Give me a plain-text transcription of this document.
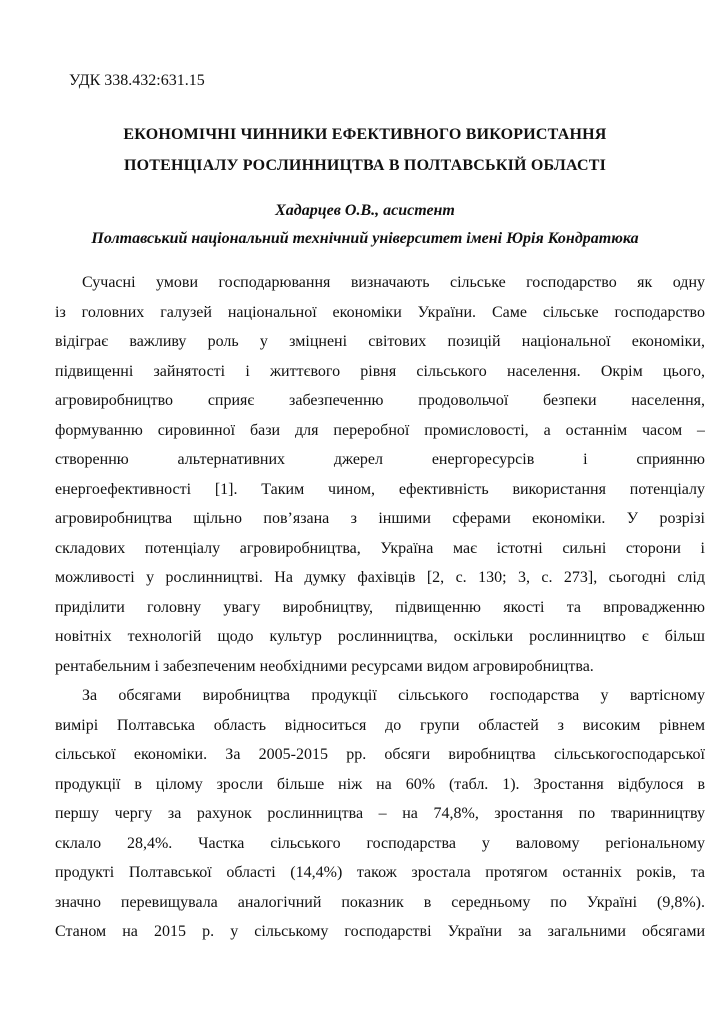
УДК 338.432:631.15
ЕКОНОМІЧНІ ЧИННИКИ ЕФЕКТИВНОГО ВИКОРИСТАННЯ
ПОТЕНЦІАЛУ РОСЛИННИЦТВА В ПОЛТАВСЬКІЙ ОБЛАСТІ
Хадарцев О.В., асистент
Полтавський національний технічний університет імені Юрія Кондратюка
Сучасні умови господарювання визначають сільське господарство як одну
із головних галузей національної економіки України. Саме сільське господарство
відіграє важливу роль у зміцнені світових позицій національної економіки,
підвищенні зайнятості і життєвого рівня сільського населення. Окрім цього,
агровиробництво сприяє забезпеченню продовольчої безпеки населення,
формуванню сировинної бази для переробної промисловості, а останнім часом –
створенню альтернативних джерел енергоресурсів і сприянню
енергоефективності [1]. Таким чином, ефективність використання потенціалу
агровиробництва щільно пов’язана з іншими сферами економіки. У розрізі
складових потенціалу агровиробництва, Україна має істотні сильні сторони і
можливості у рослинництві. На думку фахівців [2, с. 130; 3, с. 273], сьогодні слід
приділити головну увагу виробництву, підвищенню якості та впровадженню
новітніх технологій щодо культур рослинництва, оскільки рослинництво є більш
рентабельним і забезпеченим необхідними ресурсами видом агровиробництва.
За обсягами виробництва продукції сільського господарства у вартісному
вимірі Полтавська область відноситься до групи областей з високим рівнем
сільської економіки. За 2005-2015 рр. обсяги виробництва сільськогосподарської
продукції в цілому зросли більше ніж на 60% (табл. 1). Зростання відбулося в
першу чергу за рахунок рослинництва – на 74,8%, зростання по тваринництву
склало 28,4%. Частка сільського господарства у валовому регіональному
продукті Полтавської області (14,4%) також зростала протягом останніх років, та
значно перевищувала аналогічний показник в середньому по Україні (9,8%).
Станом на 2015 р. у сільському господарстві України за загальними обсягами
